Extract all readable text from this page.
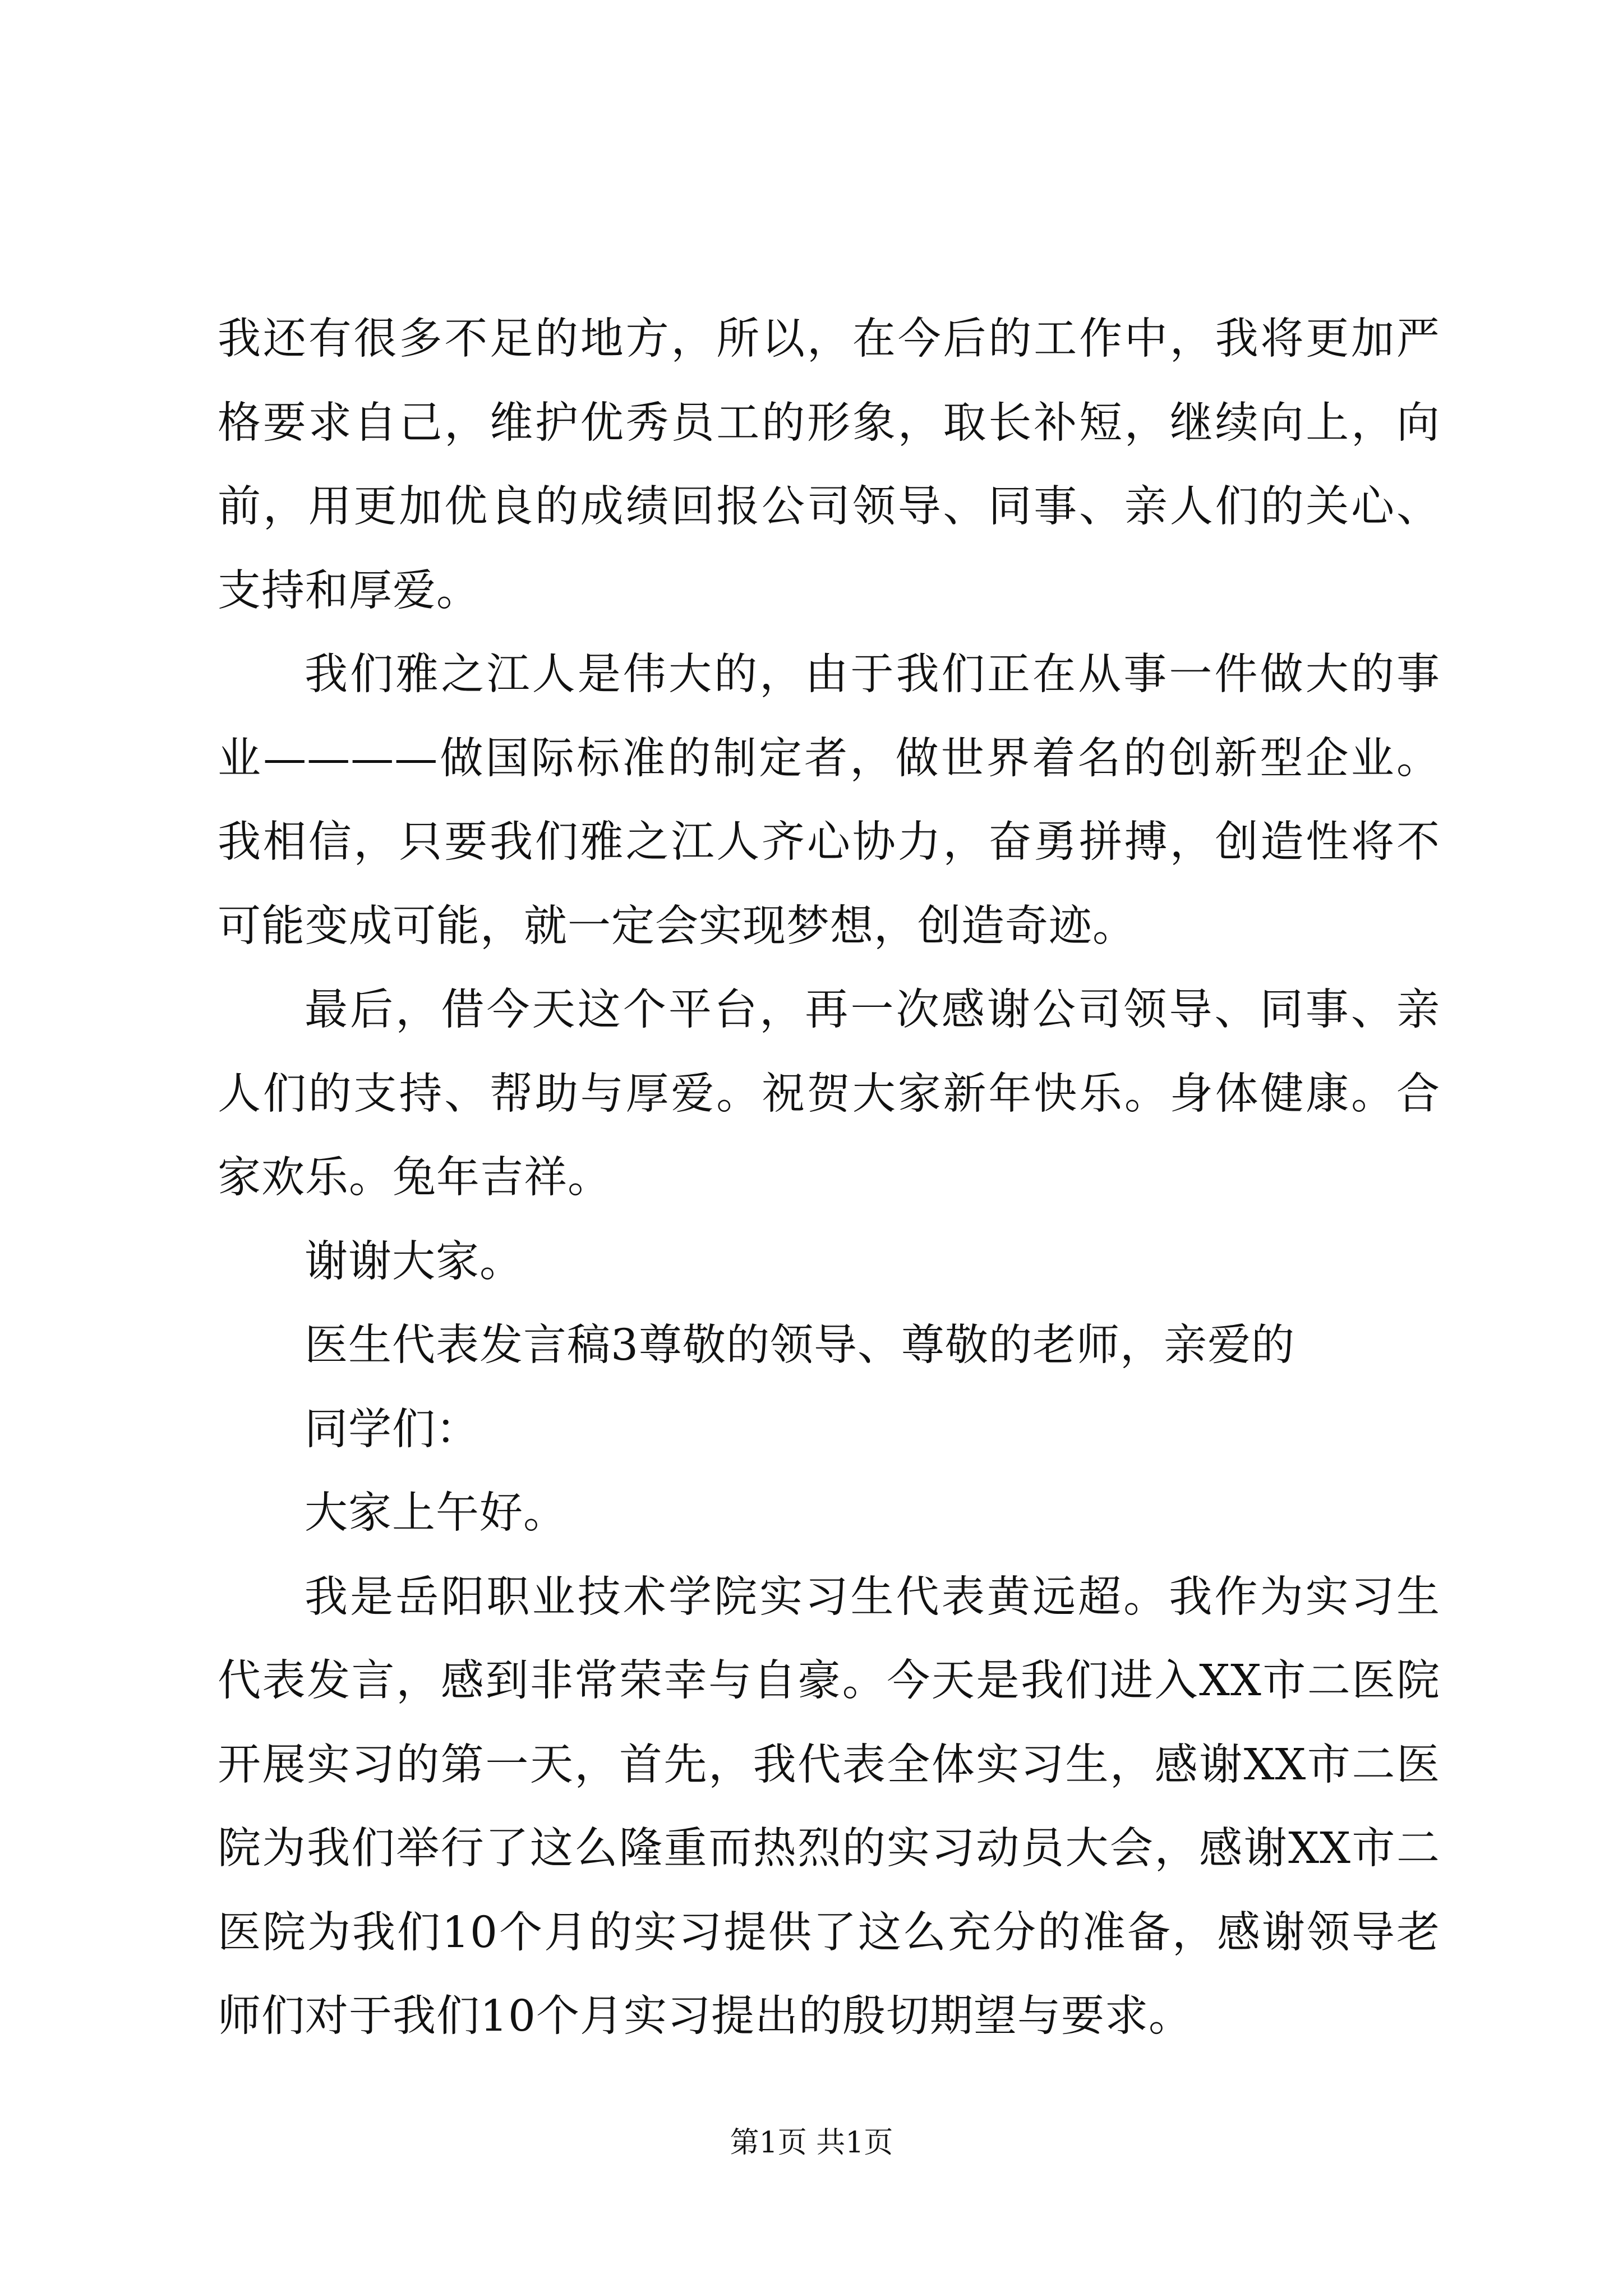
我还有很多不足的地方，所以，在今后的工作中，我将更加严格要求自己，维护优秀员工的形象，取长补短，继续向上，向前，用更加优良的成绩回报公司领导、同事、亲人们的关心、支持和厚爱。

我们雅之江人是伟大的，由于我们正在从事一件做大的事业————做国际标准的制定者，做世界着名的创新型企业。我相信，只要我们雅之江人齐心协力，奋勇拼搏，创造性将不可能变成可能，就一定会实现梦想，创造奇迹。

最后，借今天这个平台，再一次感谢公司领导、同事、亲人们的支持、帮助与厚爱。祝贺大家新年快乐。身体健康。合家欢乐。兔年吉祥。

谢谢大家。

医生代表发言稿3尊敬的领导、尊敬的老师，亲爱的

同学们：

大家上午好。

我是岳阳职业技术学院实习生代表黄远超。我作为实习生代表发言，感到非常荣幸与自豪。今天是我们进入XX市二医院开展实习的第一天，首先，我代表全体实习生，感谢XX市二医院为我们举行了这么隆重而热烈的实习动员大会，感谢XX市二医院为我们10个月的实习提供了这么充分的准备，感谢领导老师们对于我们10个月实习提出的殷切期望与要求。

第1页 共1页
